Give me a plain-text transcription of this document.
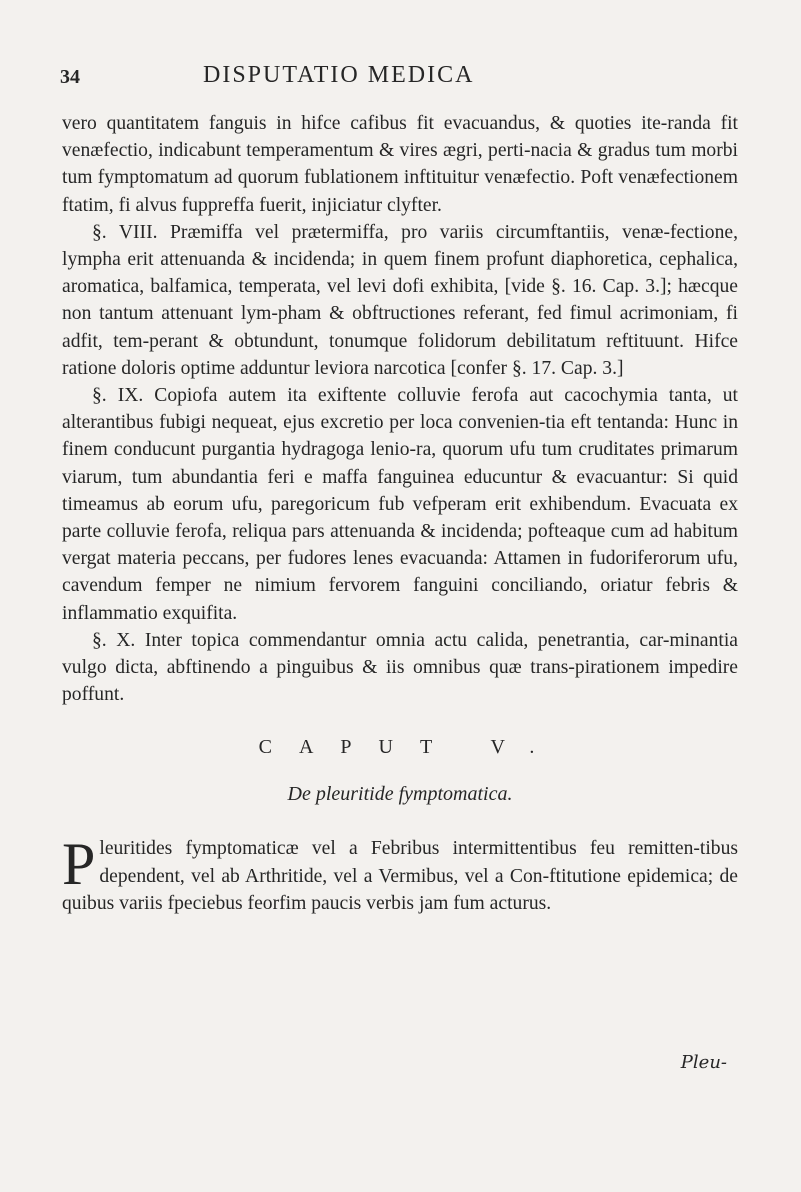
34	DISPUTATIO MEDICA

vero quantitatem fanguis in hifce cafibus fit evacuandus, & quoties ite-randa fit venæfectio, indicabunt temperamentum & vires ægri, perti-nacia & gradus tum morbi tum fymptomatum ad quorum fublationem inftituitur venæfectio. Poft venæfectionem ftatim, fi alvus fuppreffa fuerit, injiciatur clyfter.

§. VIII. Præmiffa vel prætermiffa, pro variis circumftantiis, venæ-fectione, lympha erit attenuanda & incidenda; in quem finem profunt diaphoretica, cephalica, aromatica, balfamica, temperata, vel levi dofi exhibita, [vide §. 16. Cap. 3.]; hæcque non tantum attenuant lym-pham & obftructiones referant, fed fimul acrimoniam, fi adfit, tem-perant & obtundunt, tonumque folidorum debilitatum reftituunt. Hifce ratione doloris optime adduntur leviora narcotica [confer §. 17. Cap. 3.]

§. IX. Copiofa autem ita exiftente colluvie ferofa aut cacochymia tanta, ut alterantibus fubigi nequeat, ejus excretio per loca convenien-tia eft tentanda: Hunc in finem conducunt purgantia hydragoga lenio-ra, quorum ufu tum cruditates primarum viarum, tum abundantia feri e maffa fanguinea educuntur & evacuantur: Si quid timeamus ab eorum ufu, paregoricum fub vefperam erit exhibendum. Evacuata ex parte colluvie ferofa, reliqua pars attenuanda & incidenda; pofteaque cum ad habitum vergat materia peccans, per fudores lenes evacuanda: Attamen in fudoriferorum ufu, cavendum femper ne nimium fervorem fanguini conciliando, oriatur febris & inflammatio exquifita.

§. X. Inter topica commendantur omnia actu calida, penetrantia, car-minantia vulgo dicta, abftinendo a pinguibus & iis omnibus quæ trans-pirationem impedire poffunt.

CAPUT V.
De pleuritide fymptomatica.

Pleuritides fymptomaticæ vel a Febribus intermittentibus feu remitten-tibus dependent, vel ab Arthritide, vel a Vermibus, vel a Con-ftitutione epidemica; de quibus variis fpeciebus feorfim paucis verbis jam fum acturus.

Pleu-
